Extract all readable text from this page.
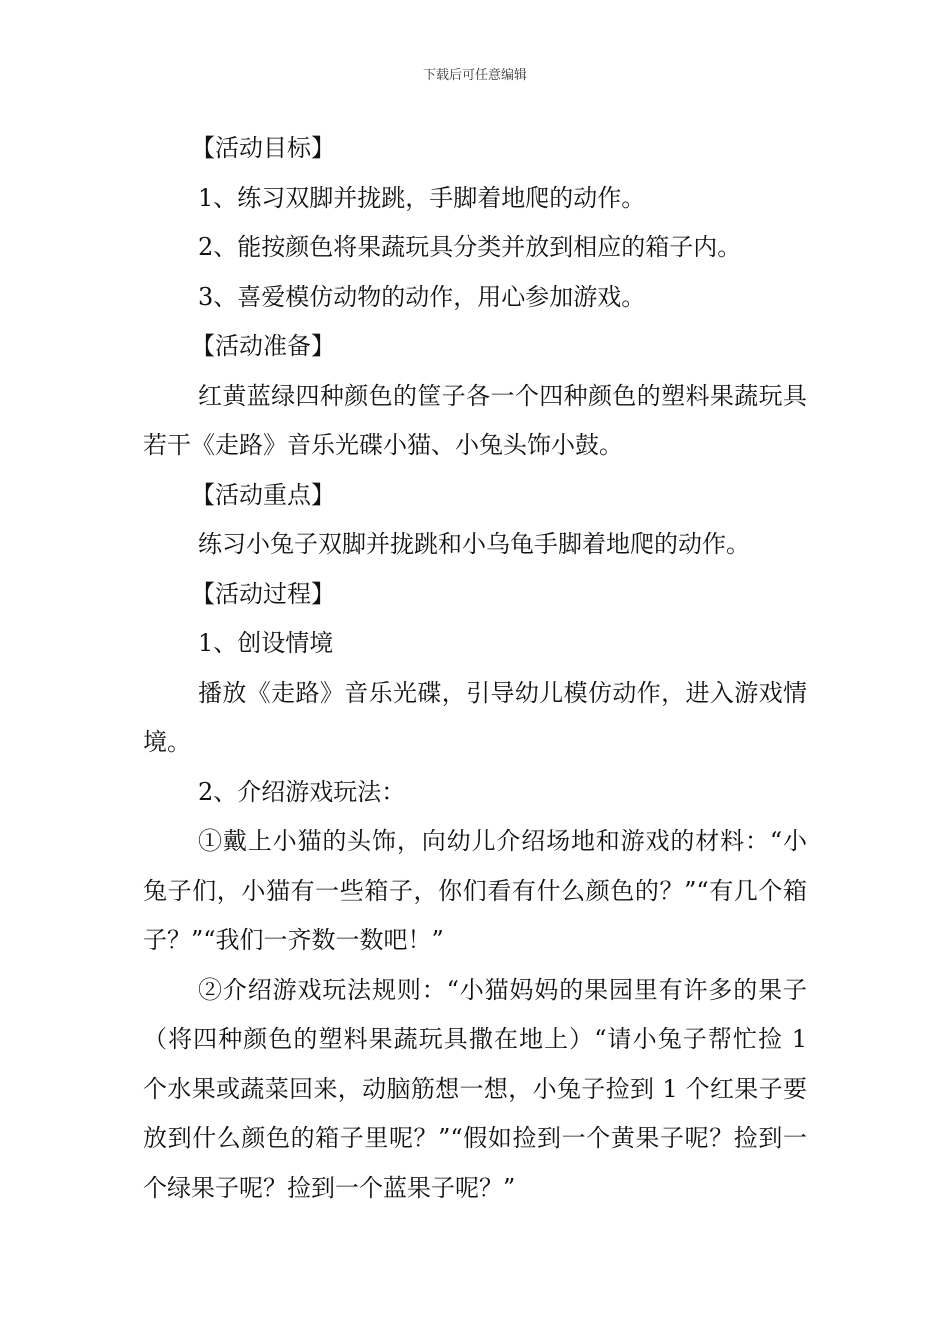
下载后可任意编辑

【活动目标】

1、练习双脚并拢跳，手脚着地爬的动作。

2、能按颜色将果蔬玩具分类并放到相应的箱子内。

3、喜爱模仿动物的动作，用心参加游戏。

【活动准备】

红黄蓝绿四种颜色的筐子各一个四种颜色的塑料果蔬玩具若干《走路》音乐光碟小猫、小兔头饰小鼓。

【活动重点】

练习小兔子双脚并拢跳和小乌龟手脚着地爬的动作。

【活动过程】

1、创设情境

播放《走路》音乐光碟，引导幼儿模仿动作，进入游戏情境。

2、介绍游戏玩法：

①戴上小猫的头饰，向幼儿介绍场地和游戏的材料：“小兔子们，小猫有一些箱子，你们看有什么颜色的？”“有几个箱子？”“我们一齐数一数吧！”

②介绍游戏玩法规则：“小猫妈妈的果园里有许多的果子（将四种颜色的塑料果蔬玩具撒在地上）“请小兔子帮忙捡 1 个水果或蔬菜回来，动脑筋想一想，小兔子捡到 1 个红果子要放到什么颜色的箱子里呢？”“假如捡到一个黄果子呢？捡到一个绿果子呢？捡到一个蓝果子呢？”
